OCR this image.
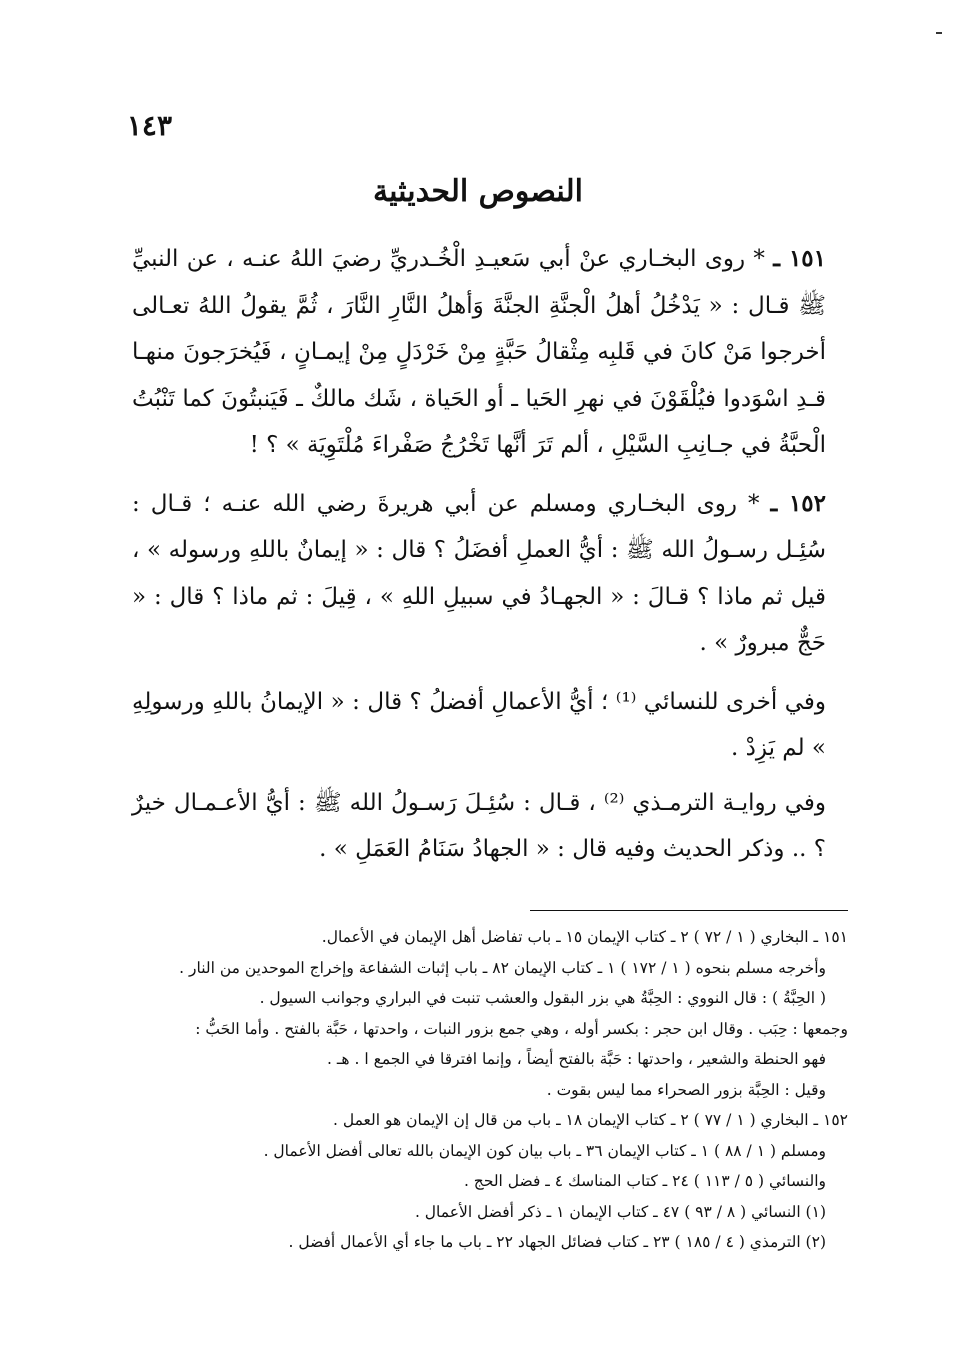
١٤٣
النصوص الحديثية

١٥١ ـ * روى البخـاري عنْ أبي سَعيـدِ الْخُـدريِّ رضيَ اللهُ عنـه ، عن النبيِّ ﷺ قـال : « يَدْخُلُ أهلُ الْجنَّةِ الجنَّةَ وَأهلُ النَّارِ النَّارَ ، ثُمَّ يقولُ اللهُ تعـالى أخرجوا مَنْ كانَ في قَلبِه مِثْقالُ حَبَّةٍ مِنْ خَرْدَلٍ مِنْ إيمـانٍ ، فَيُخرَجونَ منهـا قـدِ اسْوَدوا فيُلْقَوْنَ في نهرِ الحَيا ـ أو الحَياة ، شَك مالكٌ ـ فَيَنبتُونَ كما تَنْبُتُ الْحبَّةُ في جـانِبِ السَّيْلِ ، ألم تَرَ أنَّها تَخْرُجُ صَفْراءَ مُلْتَوِيَة » ؟ !

١٥٢ ـ * روى البخـاري ومسلم عن أبي هريرةَ رضي الله عنـه ؛ قـال : سُئِـل رسـولُ الله ﷺ : أيُّ العملِ أفضَلُ ؟ قال : « إيمانٌ باللهِ ورسوله » ، قيل ثم ماذا ؟ قـالَ : « الجهـادُ في سبيلِ اللهِ » ، قِيلَ : ثم ماذا ؟ قال : « حَجٌّ مبرورٌ » .

وفي أخرى للنسائي ⁽¹⁾ ؛ أيُّ الأعمالِ أفضلُ ؟ قال : « الإيمانُ باللهِ ورسولِهِ » لم يَزِدْ .

وفي روايـة الترمـذي ⁽²⁾ ، قـال : سُئِـلَ رَسـولُ الله ﷺ : أيُّ الأعـمـال خيرٌ ؟ .. وذكر الحديث وفيه قال : « الجهادُ سَنَامُ العَمَلِ » .

١٥١ ـ البخاري ( ١ / ٧٢ ) ٢ ـ كتاب الإيمان ١٥ ـ باب تفاضل أهل الإيمان في الأعمال.

وأخرجه مسلم بنحوه ( ١ / ١٧٢ ) ١ ـ كتاب الإيمان ٨٢ ـ باب إثبات الشفاعة وإخراج الموحدين من النار .

( الحِبَّةُ ) : قال النووي : الحِبَّةُ هي بزر البقول والعشب تنبت في البراري وجوانب السيول .

وجمعها : حِبَب . وقال ابن حجر : بكسر أوله ، وهي جمع بزور النبات ، واحدتها ، حَبَّة بالفتح . وأما الحَبُّ :

فهو الحنطة والشعير ، واحدتها : حَبَّة بالفتح أيضاً ، وإنما افترقا في الجمع ا . هـ .

وقيل : الحِبَّة بزور الصحراء مما ليس بقوت .

١٥٢ ـ البخاري ( ١ / ٧٧ ) ٢ ـ كتاب الإيمان ١٨ ـ باب من قال إن الإيمان هو العمل .

ومسلم ( ١ / ٨٨ ) ١ ـ كتاب الإيمان ٣٦ ـ باب بيان كون الإيمان بالله تعالى أفضل الأعمال .

والنسائي ( ٥ / ١١٣ ) ٢٤ ـ كتاب المناسك ٤ ـ فضل الحج .

(١) النسائي ( ٨ / ٩٣ ) ٤٧ ـ كتاب الإيمان ١ ـ ذكر أفضل الأعمال .

(٢) الترمذي ( ٤ / ١٨٥ ) ٢٣ ـ كتاب فضائل الجهاد ٢٢ ـ باب ما جاء أي الأعمال أفضل .
